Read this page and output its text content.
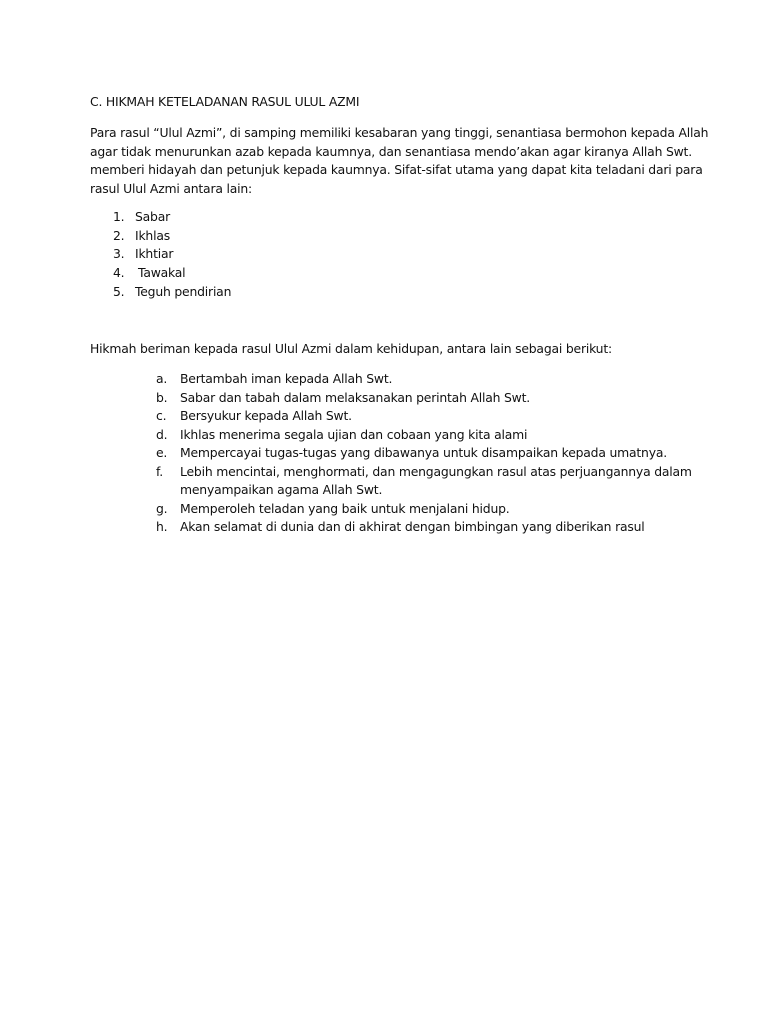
C. HIKMAH KETELADANAN RASUL ULUL AZMI
Para rasul “Ulul Azmi”, di samping memiliki kesabaran yang tinggi, senantiasa bermohon kepada Allah
agar tidak menurunkan azab kepada kaumnya, dan senantiasa mendo’akan agar kiranya Allah Swt.
memberi hidayah dan petunjuk kepada kaumnya. Sifat-sifat utama yang dapat kita teladani dari para
rasul Ulul Azmi antara lain:
1. Sabar
2. Ikhlas
3. Ikhtiar
4.	Tawakal
5. Teguh pendirian
Hikmah beriman kepada rasul Ulul Azmi dalam kehidupan, antara lain sebagai berikut:
a.	Bertambah iman kepada Allah Swt.
b.	Sabar dan tabah dalam melaksanakan perintah Allah Swt.
c.	Bersyukur kepada Allah Swt.
d.	Ikhlas menerima segala ujian dan cobaan yang kita alami
e.	Mempercayai tugas-tugas yang dibawanya untuk disampaikan kepada umatnya.
f.	Lebih mencintai, menghormati, dan mengagungkan rasul atas perjuangannya dalam
menyampaikan agama Allah Swt.
g.	Memperoleh teladan yang baik untuk menjalani hidup.
h.	Akan selamat di dunia dan di akhirat dengan bimbingan yang diberikan rasul
